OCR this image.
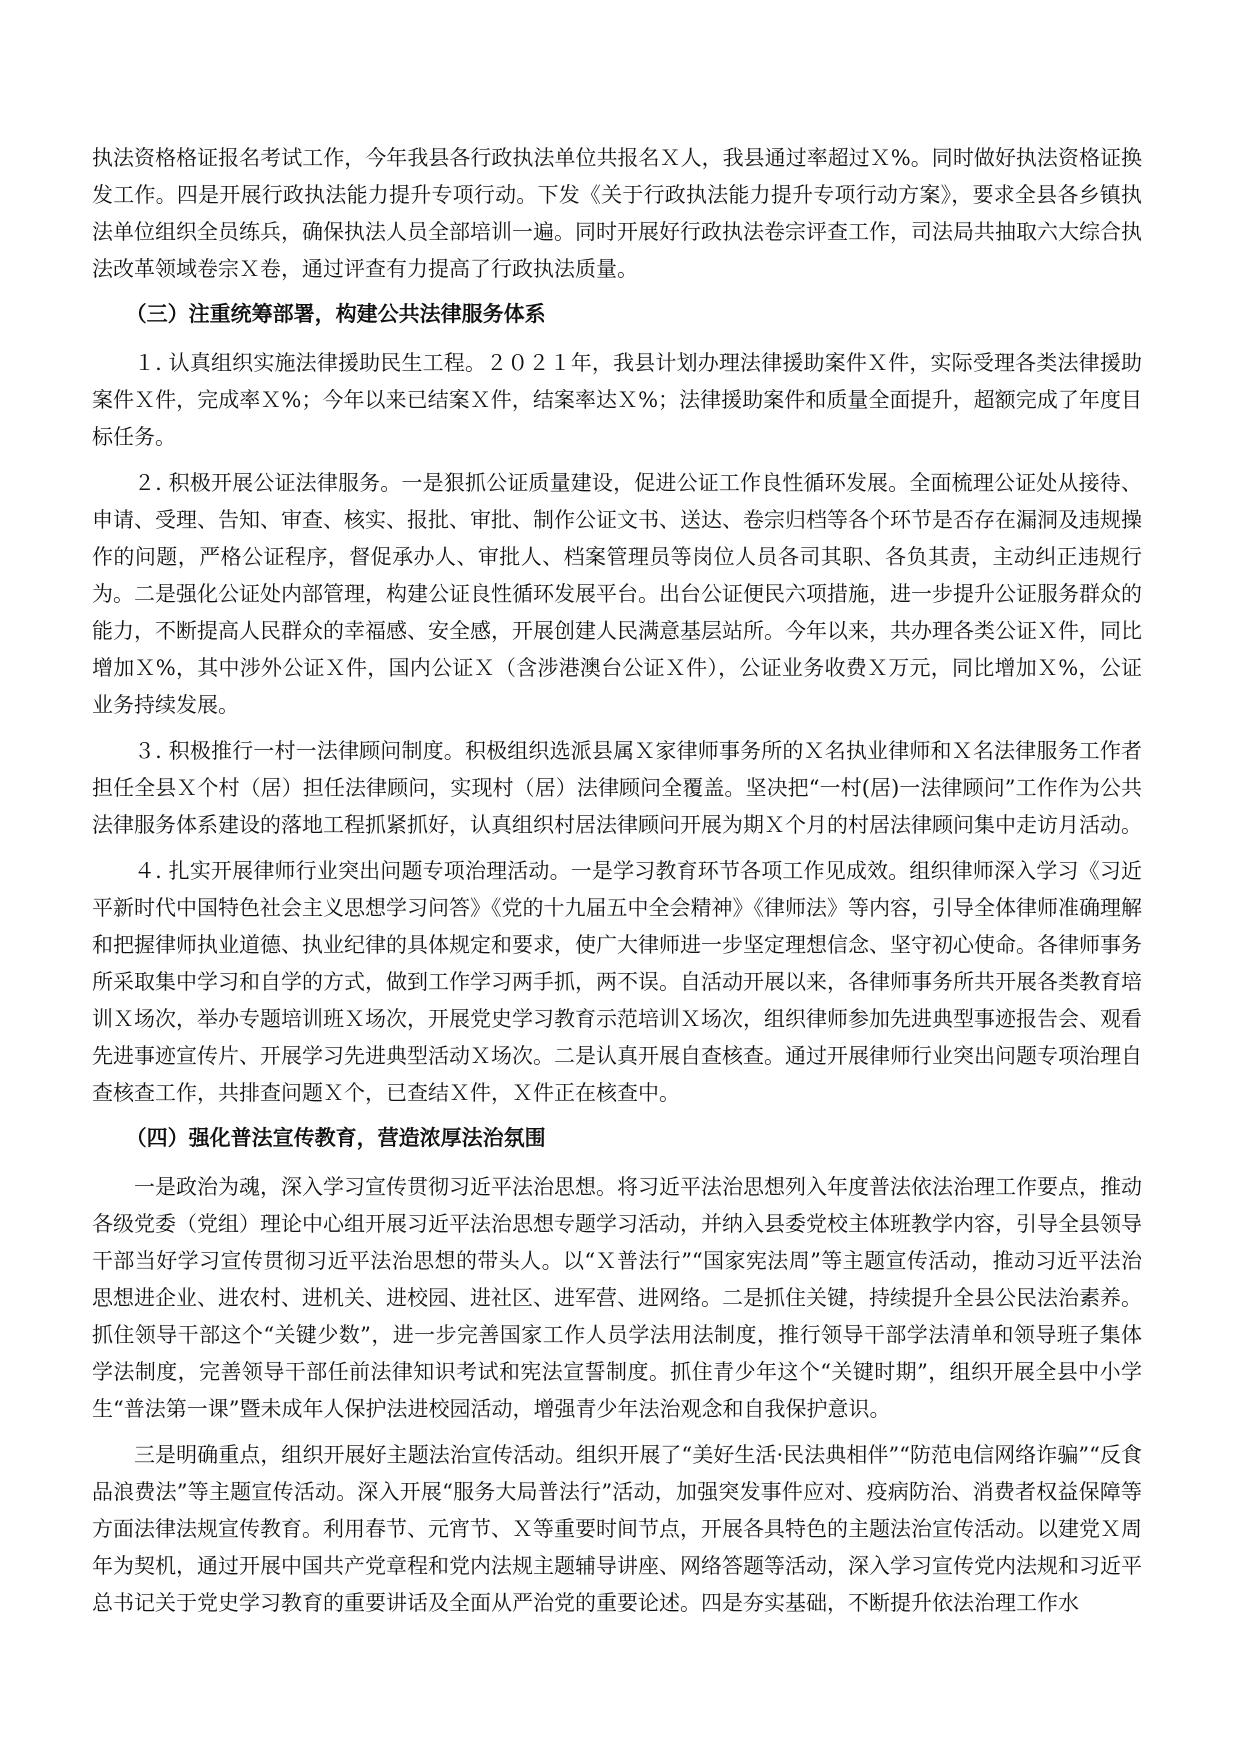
执法资格格证报名考试工作，今年我县各行政执法单位共报名Ｘ人，我县通过率超过Ｘ%。同时做好执法资格证换发工作。四是开展行政执法能力提升专项行动。下发《关于行政执法能力提升专项行动方案》，要求全县各乡镇执法单位组织全员练兵，确保执法人员全部培训一遍。同时开展好行政执法卷宗评查工作，司法局共抽取六大综合执法改革领域卷宗Ｘ卷，通过评查有力提高了行政执法质量。

（三）注重统筹部署，构建公共法律服务体系

１. 认真组织实施法律援助民生工程。２０２１年，我县计划办理法律援助案件Ｘ件，实际受理各类法律援助案件Ｘ件，完成率Ｘ%；今年以来已结案Ｘ件，结案率达Ｘ%；法律援助案件和质量全面提升，超额完成了年度目标任务。

２. 积极开展公证法律服务。一是狠抓公证质量建设，促进公证工作良性循环发展。全面梳理公证处从接待、申请、受理、告知、审查、核实、报批、审批、制作公证文书、送达、卷宗归档等各个环节是否存在漏洞及违规操作的问题，严格公证程序，督促承办人、审批人、档案管理员等岗位人员各司其职、各负其责，主动纠正违规行为。二是强化公证处内部管理，构建公证良性循环发展平台。出台公证便民六项措施，进一步提升公证服务群众的能力，不断提高人民群众的幸福感、安全感，开展创建人民满意基层站所。今年以来，共办理各类公证Ｘ件，同比增加Ｘ%，其中涉外公证Ｘ件，国内公证Ｘ（含涉港澳台公证Ｘ件），公证业务收费Ｘ万元，同比增加Ｘ%，公证业务持续发展。

３. 积极推行一村一法律顾问制度。积极组织选派县属Ｘ家律师事务所的Ｘ名执业律师和Ｘ名法律服务工作者担任全县Ｘ个村（居）担任法律顾问，实现村（居）法律顾问全覆盖。坚决把“一村(居)一法律顾问”工作作为公共法律服务体系建设的落地工程抓紧抓好，认真组织村居法律顾问开展为期Ｘ个月的村居法律顾问集中走访月活动。

４. 扎实开展律师行业突出问题专项治理活动。一是学习教育环节各项工作见成效。组织律师深入学习《习近平新时代中国特色社会主义思想学习问答》《党的十九届五中全会精神》《律师法》等内容，引导全体律师准确理解和把握律师执业道德、执业纪律的具体规定和要求，使广大律师进一步坚定理想信念、坚守初心使命。各律师事务所采取集中学习和自学的方式，做到工作学习两手抓，两不误。自活动开展以来，各律师事务所共开展各类教育培训Ｘ场次，举办专题培训班Ｘ场次，开展党史学习教育示范培训Ｘ场次，组织律师参加先进典型事迹报告会、观看先进事迹宣传片、开展学习先进典型活动Ｘ场次。二是认真开展自查核查。通过开展律师行业突出问题专项治理自查核查工作，共排查问题Ｘ个，已查结Ｘ件，Ｘ件正在核查中。

（四）强化普法宣传教育，营造浓厚法治氛围

一是政治为魂，深入学习宣传贯彻习近平法治思想。将习近平法治思想列入年度普法依法治理工作要点，推动各级党委（党组）理论中心组开展习近平法治思想专题学习活动，并纳入县委党校主体班教学内容，引导全县领导干部当好学习宣传贯彻习近平法治思想的带头人。以“Ｘ普法行”“国家宪法周”等主题宣传活动，推动习近平法治思想进企业、进农村、进机关、进校园、进社区、进军营、进网络。二是抓住关键，持续提升全县公民法治素养。抓住领导干部这个“关键少数”，进一步完善国家工作人员学法用法制度，推行领导干部学法清单和领导班子集体学法制度，完善领导干部任前法律知识考试和宪法宣誓制度。抓住青少年这个“关键时期”，组织开展全县中小学生“普法第一课”暨未成年人保护法进校园活动，增强青少年法治观念和自我保护意识。

三是明确重点，组织开展好主题法治宣传活动。组织开展了“美好生活·民法典相伴”“防范电信网络诈骗”“反食品浪费法”等主题宣传活动。深入开展“服务大局普法行”活动，加强突发事件应对、疫病防治、消费者权益保障等方面法律法规宣传教育。利用春节、元宵节、Ｘ等重要时间节点，开展各具特色的主题法治宣传活动。以建党Ｘ周年为契机，通过开展中国共产党章程和党内法规主题辅导讲座、网络答题等活动，深入学习宣传党内法规和习近平总书记关于党史学习教育的重要讲话及全面从严治党的重要论述。四是夯实基础，不断提升依法治理工作水
